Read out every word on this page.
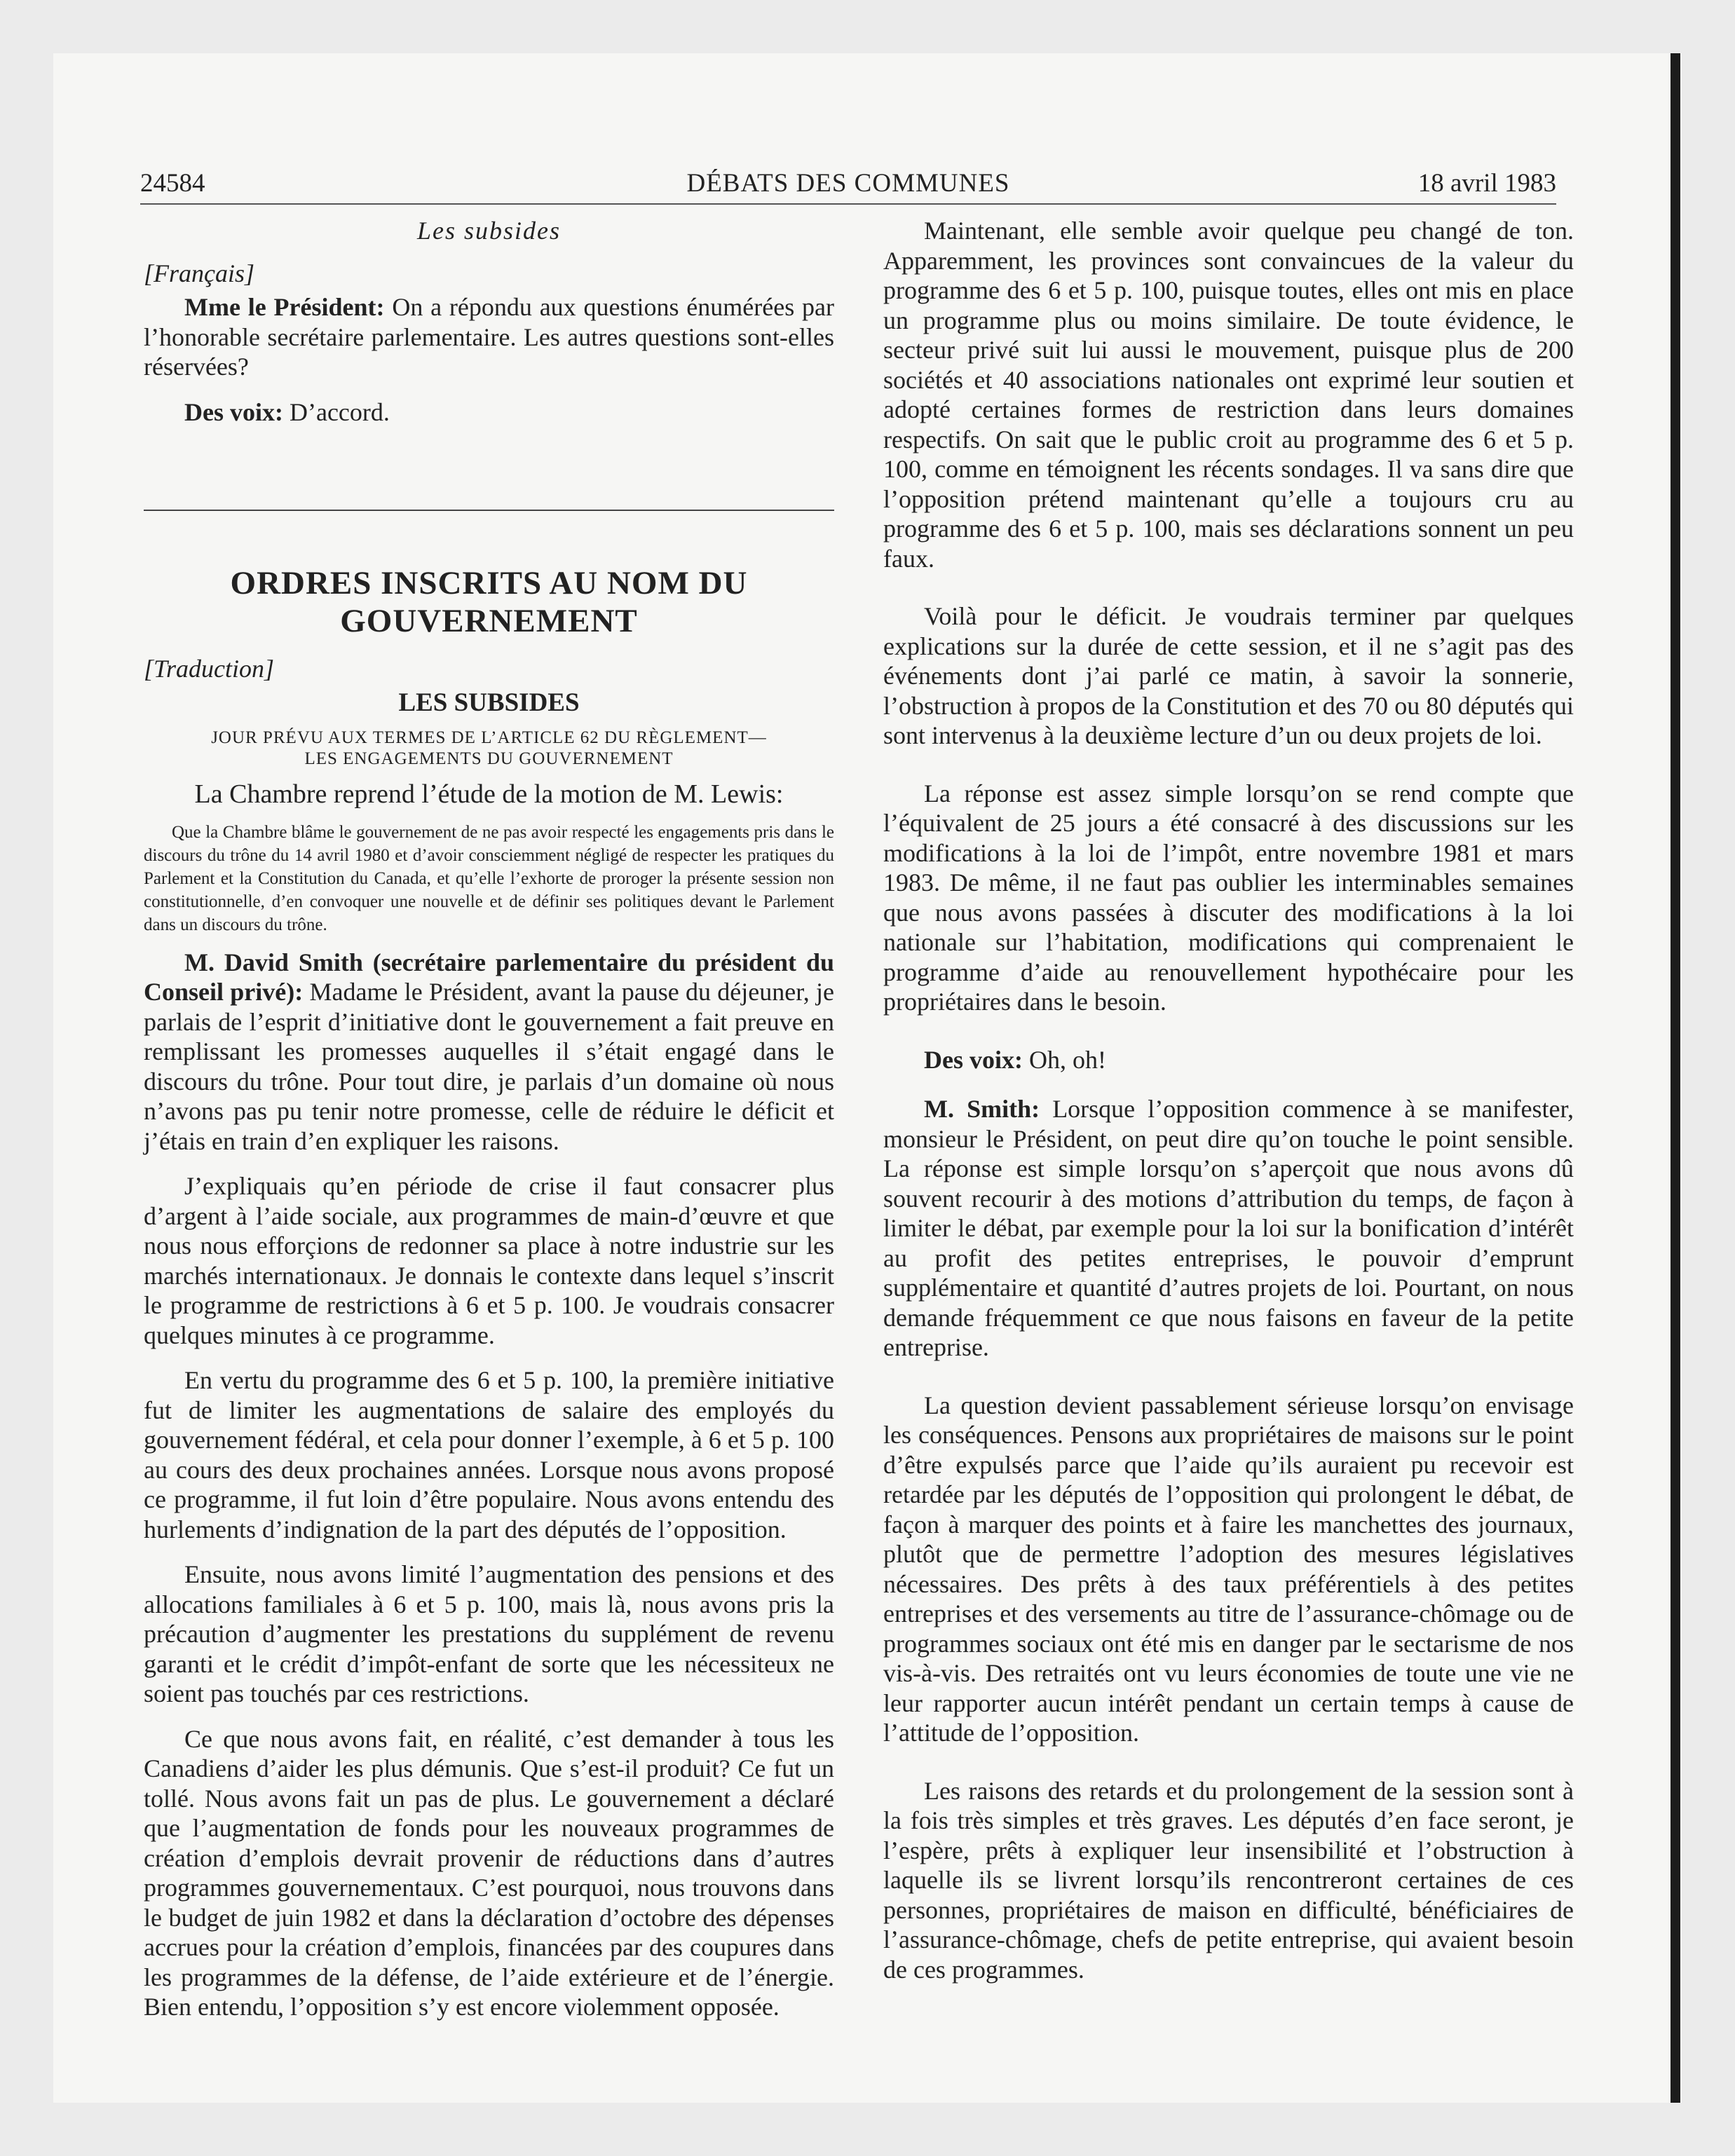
24584	DÉBATS DES COMMUNES	18 avril 1983

Les subsides

[Français]

Mme le Président: On a répondu aux questions énumérées par l’honorable secrétaire parlementaire. Les autres questions sont-elles réservées?

Des voix: D’accord.

ORDRES INSCRITS AU NOM DU
GOUVERNEMENT

[Traduction]

LES SUBSIDES
JOUR PRÉVU AUX TERMES DE L’ARTICLE 62 DU RÈGLEMENT—
LES ENGAGEMENTS DU GOUVERNEMENT
La Chambre reprend l’étude de la motion de M. Lewis:
Que la Chambre blâme le gouvernement de ne pas avoir respecté les engagements pris dans le discours du trône du 14 avril 1980 et d’avoir consciemment négligé de respecter les pratiques du Parlement et la Constitution du Canada, et qu’elle l’exhorte de proroger la présente session non constitutionnelle, d’en convoquer une nouvelle et de définir ses politiques devant le Parlement dans un discours du trône.

M. David Smith (secrétaire parlementaire du président du Conseil privé): Madame le Président, avant la pause du déjeuner, je parlais de l’esprit d’initiative dont le gouvernement a fait preuve en remplissant les promesses auquelles il s’était engagé dans le discours du trône. Pour tout dire, je parlais d’un domaine où nous n’avons pas pu tenir notre promesse, celle de réduire le déficit et j’étais en train d’en expliquer les raisons.

J’expliquais qu’en période de crise il faut consacrer plus d’argent à l’aide sociale, aux programmes de main-d’œuvre et que nous nous efforçions de redonner sa place à notre industrie sur les marchés internationaux. Je donnais le contexte dans lequel s’inscrit le programme de restrictions à 6 et 5 p. 100. Je voudrais consacrer quelques minutes à ce programme.

En vertu du programme des 6 et 5 p. 100, la première initiative fut de limiter les augmentations de salaire des employés du gouvernement fédéral, et cela pour donner l’exemple, à 6 et 5 p. 100 au cours des deux prochaines années. Lorsque nous avons proposé ce programme, il fut loin d’être populaire. Nous avons entendu des hurlements d’indignation de la part des députés de l’opposition.

Ensuite, nous avons limité l’augmentation des pensions et des allocations familiales à 6 et 5 p. 100, mais là, nous avons pris la précaution d’augmenter les prestations du supplément de revenu garanti et le crédit d’impôt-enfant de sorte que les nécessiteux ne soient pas touchés par ces restrictions.

Ce que nous avons fait, en réalité, c’est demander à tous les Canadiens d’aider les plus démunis. Que s’est-il produit? Ce fut un tollé. Nous avons fait un pas de plus. Le gouvernement a déclaré que l’augmentation de fonds pour les nouveaux programmes de création d’emplois devrait provenir de réductions dans d’autres programmes gouvernementaux. C’est pourquoi, nous trouvons dans le budget de juin 1982 et dans la déclaration d’octobre des dépenses accrues pour la création d’emplois, financées par des coupures dans les programmes de la défense, de l’aide extérieure et de l’énergie. Bien entendu, l’opposition s’y est encore violemment opposée.

Maintenant, elle semble avoir quelque peu changé de ton. Apparemment, les provinces sont convaincues de la valeur du programme des 6 et 5 p. 100, puisque toutes, elles ont mis en place un programme plus ou moins similaire. De toute évidence, le secteur privé suit lui aussi le mouvement, puisque plus de 200 sociétés et 40 associations nationales ont exprimé leur soutien et adopté certaines formes de restriction dans leurs domaines respectifs. On sait que le public croit au programme des 6 et 5 p. 100, comme en témoignent les récents sondages. Il va sans dire que l’opposition prétend maintenant qu’elle a toujours cru au programme des 6 et 5 p. 100, mais ses déclarations sonnent un peu faux.

Voilà pour le déficit. Je voudrais terminer par quelques explications sur la durée de cette session, et il ne s’agit pas des événements dont j’ai parlé ce matin, à savoir la sonnerie, l’obstruction à propos de la Constitution et des 70 ou 80 députés qui sont intervenus à la deuxième lecture d’un ou deux projets de loi.

La réponse est assez simple lorsqu’on se rend compte que l’équivalent de 25 jours a été consacré à des discussions sur les modifications à la loi de l’impôt, entre novembre 1981 et mars 1983. De même, il ne faut pas oublier les interminables semaines que nous avons passées à discuter des modifications à la loi nationale sur l’habitation, modifications qui comprenaient le programme d’aide au renouvellement hypothécaire pour les propriétaires dans le besoin.

Des voix: Oh, oh!

M. Smith: Lorsque l’opposition commence à se manifester, monsieur le Président, on peut dire qu’on touche le point sensible. La réponse est simple lorsqu’on s’aperçoit que nous avons dû souvent recourir à des motions d’attribution du temps, de façon à limiter le débat, par exemple pour la loi sur la bonification d’intérêt au profit des petites entreprises, le pouvoir d’emprunt supplémentaire et quantité d’autres projets de loi. Pourtant, on nous demande fréquemment ce que nous faisons en faveur de la petite entreprise.

La question devient passablement sérieuse lorsqu’on envisage les conséquences. Pensons aux propriétaires de maisons sur le point d’être expulsés parce que l’aide qu’ils auraient pu recevoir est retardée par les députés de l’opposition qui prolongent le débat, de façon à marquer des points et à faire les manchettes des journaux, plutôt que de permettre l’adoption des mesures législatives nécessaires. Des prêts à des taux préférentiels à des petites entreprises et des versements au titre de l’assurance-chômage ou de programmes sociaux ont été mis en danger par le sectarisme de nos vis-à-vis. Des retraités ont vu leurs économies de toute une vie ne leur rapporter aucun intérêt pendant un certain temps à cause de l’attitude de l’opposition.

Les raisons des retards et du prolongement de la session sont à la fois très simples et très graves. Les députés d’en face seront, je l’espère, prêts à expliquer leur insensibilité et l’obstruction à laquelle ils se livrent lorsqu’ils rencontreront certaines de ces personnes, propriétaires de maison en difficulté, bénéficiaires de l’assurance-chômage, chefs de petite entreprise, qui avaient besoin de ces programmes.
